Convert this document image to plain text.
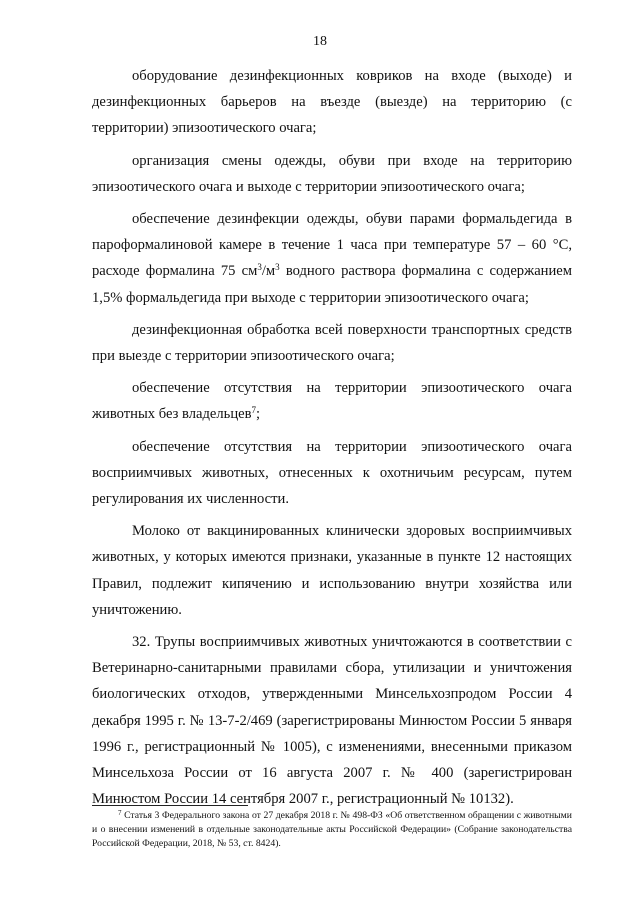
18

оборудование дезинфекционных ковриков на входе (выходе) и дезинфекционных барьеров на въезде (выезде) на территорию (с территории) эпизоотического очага;

организация смены одежды, обуви при входе на территорию эпизоотического очага и выходе с территории эпизоотического очага;

обеспечение дезинфекции одежды, обуви парами формальдегида в пароформалиновой камере в течение 1 часа при температуре 57 – 60 °С, расходе формалина 75 $см^3/м^3$ водного раствора формалина с содержанием 1,5% формальдегида при выходе с территории эпизоотического очага;

дезинфекционная обработка всей поверхности транспортных средств при выезде с территории эпизоотического очага;

обеспечение отсутствия на территории эпизоотического очага животных без владельцев$^7$;

обеспечение отсутствия на территории эпизоотического очага восприимчивых животных, отнесенных к охотничьим ресурсам, путем регулирования их численности.

Молоко от вакцинированных клинически здоровых восприимчивых животных, у которых имеются признаки, указанные в пункте 12 настоящих Правил, подлежит кипячению и использованию внутри хозяйства или уничтожению.

32. Трупы восприимчивых животных уничтожаются в соответствии с Ветеринарно-санитарными правилами сбора, утилизации и уничтожения биологических отходов, утвержденными Минсельхозпродом России 4 декабря 1995 г. № 13-7-2/469 (зарегистрированы Минюстом России 5 января 1996 г., регистрационный № 1005), с изменениями, внесенными приказом Минсельхоза России от 16 августа 2007 г. № 400 (зарегистрирован Минюстом России 14 сентября 2007 г., регистрационный № 10132).

$^7$ Статья 3 Федерального закона от 27 декабря 2018 г. № 498-ФЗ «Об ответственном обращении с животными и о внесении изменений в отдельные законодательные акты Российской Федерации» (Собрание законодательства Российской Федерации, 2018, № 53, ст. 8424).
